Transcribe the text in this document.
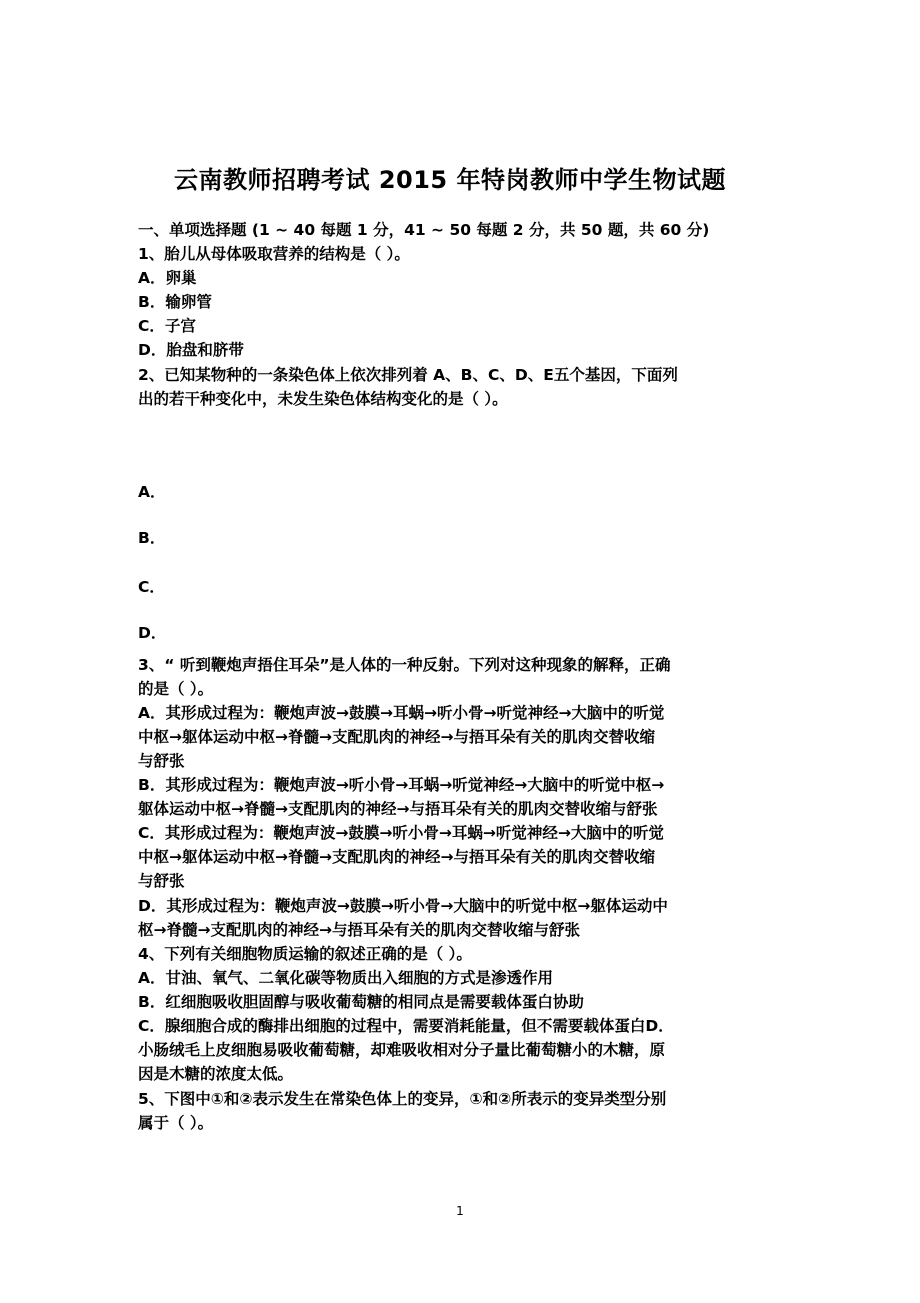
云南教师招聘考试 2015 年特岗教师中学生物试题
一、单项选择题 (1 ~ 40 每题 1 分，41 ~ 50 每题 2 分，共 50 题，共 60 分)
1、胎儿从母体吸取营养的结构是（ ）。
A．卵巢
B．输卵管
C．子宫
D．胎盘和脐带
2、已知某物种的一条染色体上依次排列着 A、B、C、D、E五个基因，下面列
出的若干种变化中，未发生染色体结构变化的是（ ）。
A．
B．
C．
D．
3、“ 听到鞭炮声捂住耳朵”是人体的一种反射。下列对这种现象的解释，正确
的是（ ）。
A．其形成过程为：鞭炮声波→鼓膜→耳蜗→听小骨→听觉神经→大脑中的听觉
中枢→躯体运动中枢→脊髓→支配肌肉的神经→与捂耳朵有关的肌肉交替收缩
与舒张
B．其形成过程为：鞭炮声波→听小骨→耳蜗→听觉神经→大脑中的听觉中枢→
躯体运动中枢→脊髓→支配肌肉的神经→与捂耳朵有关的肌肉交替收缩与舒张
C．其形成过程为：鞭炮声波→鼓膜→听小骨→耳蜗→听觉神经→大脑中的听觉
中枢→躯体运动中枢→脊髓→支配肌肉的神经→与捂耳朵有关的肌肉交替收缩
与舒张
D．其形成过程为：鞭炮声波→鼓膜→听小骨→大脑中的听觉中枢→躯体运动中
枢→脊髓→支配肌肉的神经→与捂耳朵有关的肌肉交替收缩与舒张
4、下列有关细胞物质运输的叙述正确的是（ ）。
A．甘油、氧气、二氧化碳等物质出入细胞的方式是渗透作用
B．红细胞吸收胆固醇与吸收葡萄糖的相同点是需要载体蛋白协助
C．腺细胞合成的酶排出细胞的过程中，需要消耗能量，但不需要载体蛋白D．
小肠绒毛上皮细胞易吸收葡萄糖，却难吸收相对分子量比葡萄糖小的木糖，原
因是木糖的浓度太低。
5、下图中①和②表示发生在常染色体上的变异，①和②所表示的变异类型分别
属于（ ）。
1
